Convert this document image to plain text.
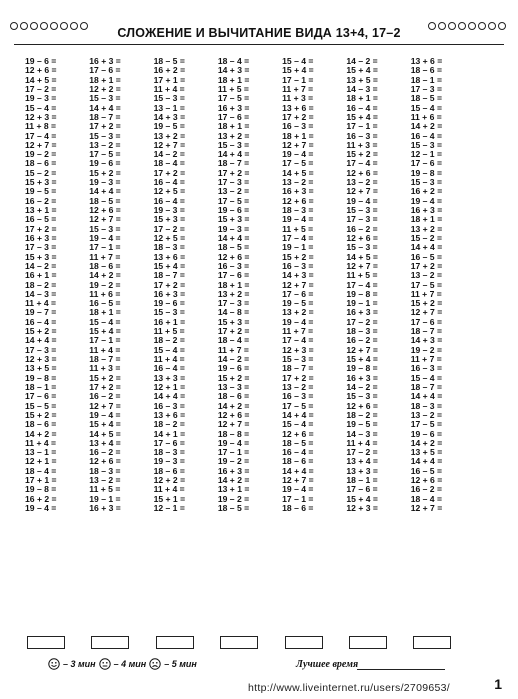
СЛОЖЕНИЕ И ВЫЧИТАНИЕ ВИДА 13+4, 17–2
19 – 6 =
12 + 6 =
14 + 5 =
17 – 2 =
19 – 3 =
15 – 4 =
12 + 3 =
11 + 8 =
17 – 4 =
12 + 7 =
19 – 2 =
18 – 6 =
15 – 2 =
15 + 3 =
19 – 5 =
16 – 2 =
13 + 1 =
16 – 5 =
17 + 2 =
16 + 3 =
17 – 3 =
15 + 3 =
14 – 2 =
16 + 1 =
18 – 2 =
14 – 3 =
11 + 4 =
19 – 7 =
16 – 4 =
15 + 2 =
14 + 4 =
17 – 3 =
12 + 3 =
13 + 5 =
19 – 8 =
18 – 1 =
17 – 6 =
15 – 5 =
15 + 2 =
18 – 6 =
14 + 2 =
11 + 4 =
13 – 1 =
12 + 1 =
18 – 4 =
17 + 1 =
19 – 8 =
16 + 2 =
19 – 4 =
16 + 3 =
17 – 6 =
18 + 1 =
12 + 2 =
15 – 3 =
14 + 4 =
18 – 7 =
17 + 2 =
15 – 3 =
13 – 2 =
17 – 5 =
19 – 6 =
15 + 2 =
19 – 3 =
14 + 4 =
18 – 5 =
12 + 6 =
12 + 7 =
15 – 3 =
19 – 4 =
17 – 1 =
11 + 7 =
18 – 6 =
14 + 2 =
19 – 2 =
11 + 6 =
16 – 5 =
18 + 1 =
15 – 4 =
15 + 4 =
17 – 1 =
11 + 4 =
18 – 7 =
11 + 3 =
15 + 2 =
17 + 2 =
16 – 2 =
12 + 7 =
19 – 4 =
15 + 4 =
14 + 5 =
13 + 4 =
16 – 2 =
12 + 6 =
18 – 3 =
13 – 2 =
11 + 5 =
19 – 1 =
16 + 3 =
18 – 5 =
16 + 2 =
17 + 1 =
11 + 4 =
15 – 3 =
13 – 1 =
14 + 3 =
19 – 5 =
13 + 2 =
12 + 7 =
14 – 2 =
18 – 4 =
17 + 2 =
16 – 4 =
12 + 5 =
16 – 4 =
19 – 3 =
15 + 3 =
17 – 2 =
12 + 5 =
18 – 3 =
13 + 6 =
15 + 4 =
18 – 7 =
17 + 2 =
16 + 3 =
19 – 6 =
15 – 3 =
16 + 1 =
11 + 5 =
18 – 2 =
15 – 4 =
11 + 4 =
16 – 4 =
13 + 3 =
12 + 1 =
14 + 4 =
16 – 3 =
13 + 6 =
18 – 2 =
14 + 1 =
17 – 6 =
18 – 3 =
19 – 3 =
18 – 6 =
12 + 2 =
11 + 4 =
15 + 1 =
12 – 1 =
18 – 4 =
14 + 3 =
18 + 1 =
11 + 5 =
17 – 5 =
16 + 3 =
17 – 6 =
18 + 1 =
13 + 2 =
15 – 3 =
14 + 4 =
18 – 7 =
17 + 2 =
17 – 3 =
13 – 2 =
17 – 5 =
19 – 6 =
15 + 3 =
19 – 3 =
14 + 4 =
18 – 5 =
12 + 6 =
16 – 3 =
17 – 6 =
18 + 1 =
13 + 2 =
17 – 3 =
14 – 8 =
15 + 3 =
17 + 2 =
18 – 4 =
11 + 7 =
14 – 2 =
19 – 6 =
15 + 2 =
13 – 3 =
18 – 6 =
14 + 2 =
12 + 6 =
12 + 7 =
18 – 8 =
19 – 4 =
17 – 1 =
19 – 2 =
16 + 3 =
14 + 2 =
13 + 1 =
19 – 2 =
18 – 5 =
15 – 4 =
15 + 4 =
17 – 1 =
11 + 7 =
11 + 3 =
13 + 6 =
17 + 2 =
16 – 3 =
18 + 1 =
12 + 7 =
19 – 4 =
17 – 5 =
14 + 5 =
13 – 2 =
16 + 3 =
12 + 6 =
18 – 3 =
19 – 4 =
11 + 5 =
17 – 4 =
19 – 1 =
15 + 2 =
16 – 3 =
14 + 3 =
12 + 7 =
17 – 6 =
19 – 5 =
13 + 2 =
19 – 4 =
11 + 7 =
17 – 4 =
12 + 3 =
15 – 3 =
18 – 7 =
17 + 2 =
13 – 2 =
16 – 3 =
17 – 5 =
14 + 4 =
15 – 4 =
12 + 6 =
18 – 5 =
16 – 4 =
18 – 6 =
14 + 4 =
12 + 7 =
19 – 4 =
17 – 1 =
18 – 6 =
14 – 2 =
15 + 4 =
13 + 5 =
14 – 3 =
18 + 1 =
16 – 4 =
15 + 4 =
17 – 1 =
16 – 3 =
11 + 3 =
15 + 2 =
17 – 4 =
12 + 6 =
13 – 2 =
12 + 7 =
19 – 4 =
15 – 3 =
17 – 3 =
16 – 2 =
12 + 6 =
15 – 3 =
14 + 5 =
12 + 7 =
11 + 5 =
17 – 4 =
19 – 8 =
19 – 1 =
16 + 3 =
17 – 2 =
18 – 3 =
16 – 2 =
12 + 7 =
15 + 4 =
19 – 8 =
16 + 3 =
14 – 2 =
15 – 3 =
12 + 6 =
18 – 2 =
19 – 5 =
14 – 3 =
11 + 4 =
17 – 2 =
13 + 4 =
13 + 3 =
18 – 1 =
17 – 6 =
15 + 4 =
12 + 3 =
13 + 6 =
18 – 6 =
18 – 1 =
17 – 3 =
18 – 5 =
15 – 4 =
11 + 6 =
14 + 2 =
16 – 4 =
15 – 3 =
12 – 1 =
17 – 6 =
19 – 8 =
15 – 3 =
16 + 2 =
19 – 4 =
16 + 3 =
18 + 1 =
13 + 2 =
15 – 2 =
14 + 4 =
16 – 5 =
17 + 2 =
13 – 2 =
17 – 5 =
11 + 7 =
15 + 2 =
12 + 7 =
17 – 6 =
18 – 7 =
14 + 3 =
19 – 2 =
11 + 7 =
16 – 3 =
15 – 4 =
18 – 7 =
14 + 4 =
18 – 3 =
13 – 2 =
17 – 5 =
19 – 6 =
14 + 2 =
13 + 5 =
14 + 4 =
16 – 5 =
12 + 6 =
16 – 2 =
18 – 4 =
12 + 7 =
– 3 мин – 4 мин – 5 мин	Лучшее время
http://www.liveinternet.ru/users/2709653/	1
